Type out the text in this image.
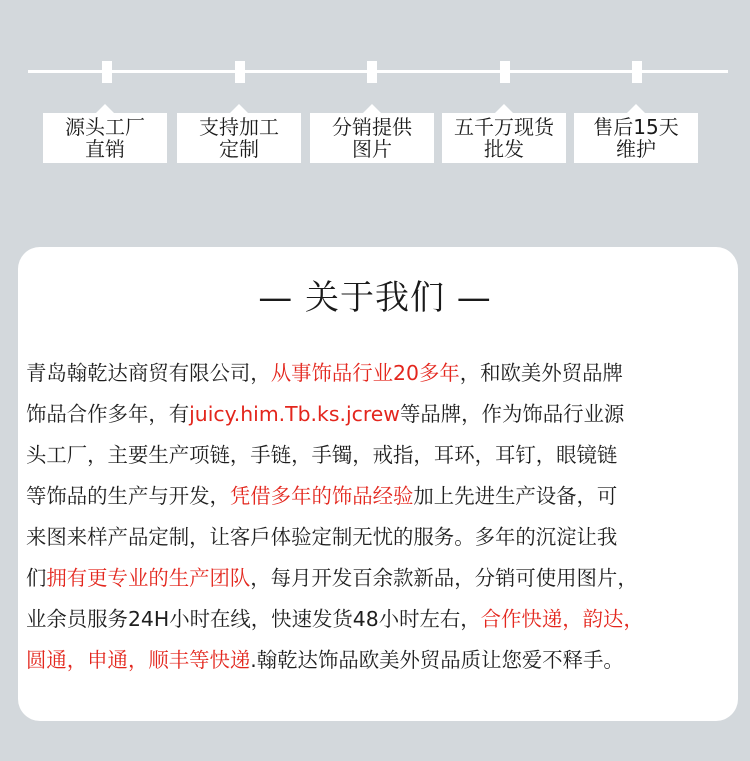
源头工厂
直销
支持加工
定制
分销提供
图片
五千万现货
批发
售后15天
维护
— 关于我们 —
青岛翰乾达商贸有限公司，从事饰品行业20多年，和欧美外贸品牌
饰品合作多年，有juicy.him.Tb.ks.jcrew等品牌，作为饰品行业源
头工厂，主要生产项链，手链，手镯，戒指，耳环，耳钉，眼镜链
等饰品的生产与开发，凭借多年的饰品经验加上先进生产设备，可
来图来样产品定制，让客戶体验定制无忧的服务。多年的沉淀让我
们拥有更专业的生产团队，每月开发百余款新品，分销可使用图片，
业余员服务24H小时在线，快速发货48小时左右，合作快递，韵达，
圆通，申通，顺丰等快递.翰乾达饰品欧美外贸品质让您爱不释手。
